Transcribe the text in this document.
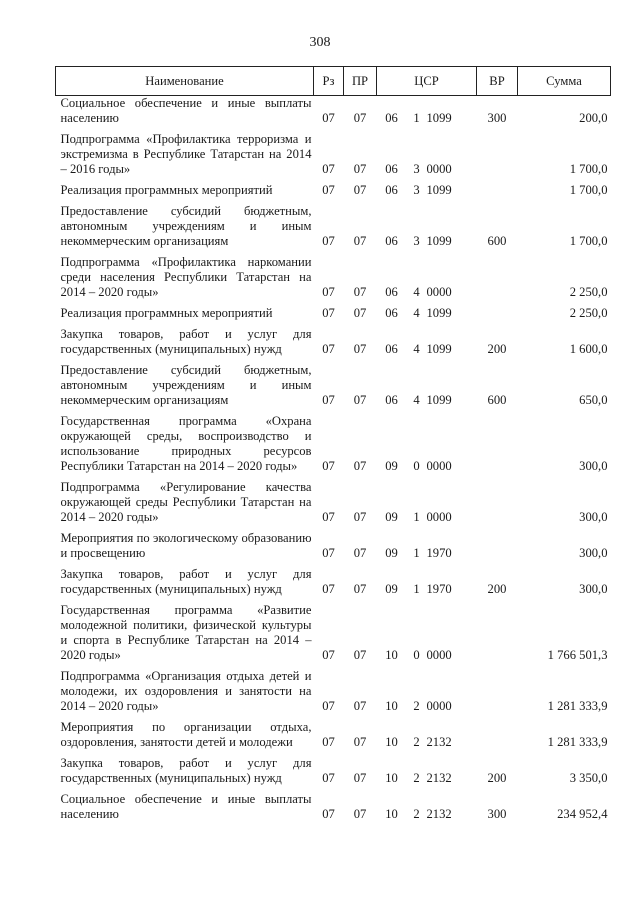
308
Наименование	Рз	ПР	ЦСР			ВР	Сумма
Социальное обеспечение и иные выплаты населению	07	07	06	1	1099	300	200,0
Подпрограмма «Профилактика терроризма и экстремизма в Республике Татарстан на 2014 – 2016 годы»	07	07	06	3	0000		1 700,0
Реализация программных мероприятий	07	07	06	3	1099		1 700,0
Предоставление субсидий бюджетным, автономным учреждениям и иным некоммерческим организациям	07	07	06	3	1099	600	1 700,0
Подпрограмма «Профилактика наркомании среди населения Республики Татарстан на 2014 – 2020 годы»	07	07	06	4	0000		2 250,0
Реализация программных мероприятий	07	07	06	4	1099		2 250,0
Закупка товаров, работ и услуг для государственных (муниципальных) нужд	07	07	06	4	1099	200	1 600,0
Предоставление субсидий бюджетным, автономным учреждениям и иным некоммерческим организациям	07	07	06	4	1099	600	650,0
Государственная программа «Охрана окружающей среды, воспроизводство и использование природных ресурсов Республики Татарстан на 2014 – 2020 годы»	07	07	09	0	0000		300,0
Подпрограмма «Регулирование качества окружающей среды Республики Татарстан на 2014 – 2020 годы»	07	07	09	1	0000		300,0
Мероприятия по экологическому образованию и просвещению	07	07	09	1	1970		300,0
Закупка товаров, работ и услуг для государственных (муниципальных) нужд	07	07	09	1	1970	200	300,0
Государственная программа «Развитие молодежной политики, физической культуры и спорта в Республике Татарстан на 2014 – 2020 годы»	07	07	10	0	0000		1 766 501,3
Подпрограмма «Организация отдыха детей и молодежи, их оздоровления и занятости на 2014 – 2020 годы»	07	07	10	2	0000		1 281 333,9
Мероприятия по организации отдыха, оздоровления, занятости детей и молодежи	07	07	10	2	2132		1 281 333,9
Закупка товаров, работ и услуг для государственных (муниципальных) нужд	07	07	10	2	2132	200	3 350,0
Социальное обеспечение и иные выплаты населению	07	07	10	2	2132	300	234 952,4
